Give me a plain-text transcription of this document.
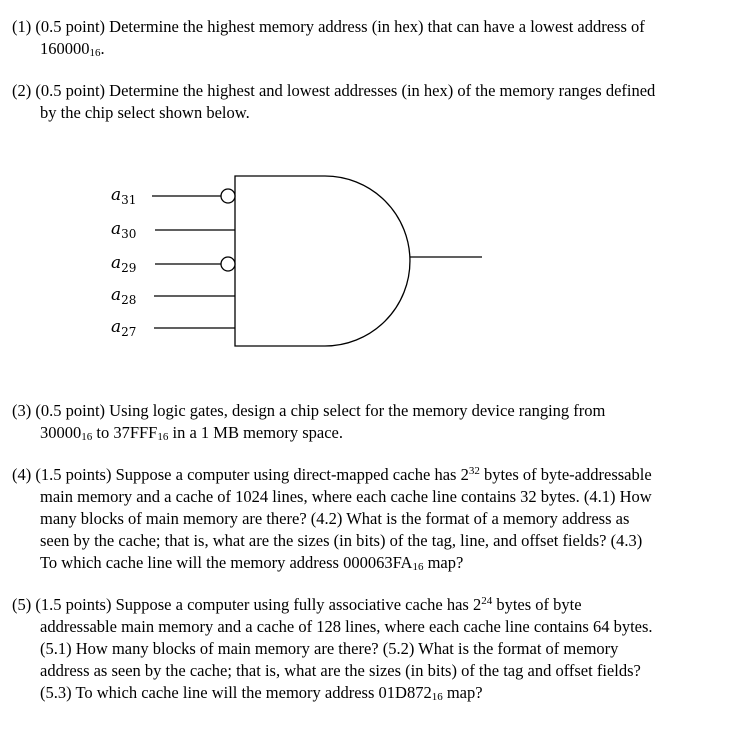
(1) (0.5 point) Determine the highest memory address (in hex) that can have a lowest address of
16000016.
(2) (0.5 point) Determine the highest and lowest addresses (in hex) of the memory ranges defined
by the chip select shown below.
$a_{31}$
$a_{30}$
$a_{29}$
$a_{28}$
$a_{27}$
(3) (0.5 point) Using logic gates, design a chip select for the memory device ranging from
3000016 to 37FFF16 in a 1 MB memory space.
(4) (1.5 points) Suppose a computer using direct-mapped cache has $2^{32}$ bytes of byte-addressable
main memory and a cache of 1024 lines, where each cache line contains 32 bytes. (4.1) How
many blocks of main memory are there? (4.2) What is the format of a memory address as
seen by the cache; that is, what are the sizes (in bits) of the tag, line, and offset fields? (4.3)
To which cache line will the memory address 000063FA16 map?
(5) (1.5 points) Suppose a computer using fully associative cache has $2^{24}$ bytes of byte
addressable main memory and a cache of 128 lines, where each cache line contains 64 bytes.
(5.1) How many blocks of main memory are there? (5.2) What is the format of memory
address as seen by the cache; that is, what are the sizes (in bits) of the tag and offset fields?
(5.3) To which cache line will the memory address 01D87216 map?
